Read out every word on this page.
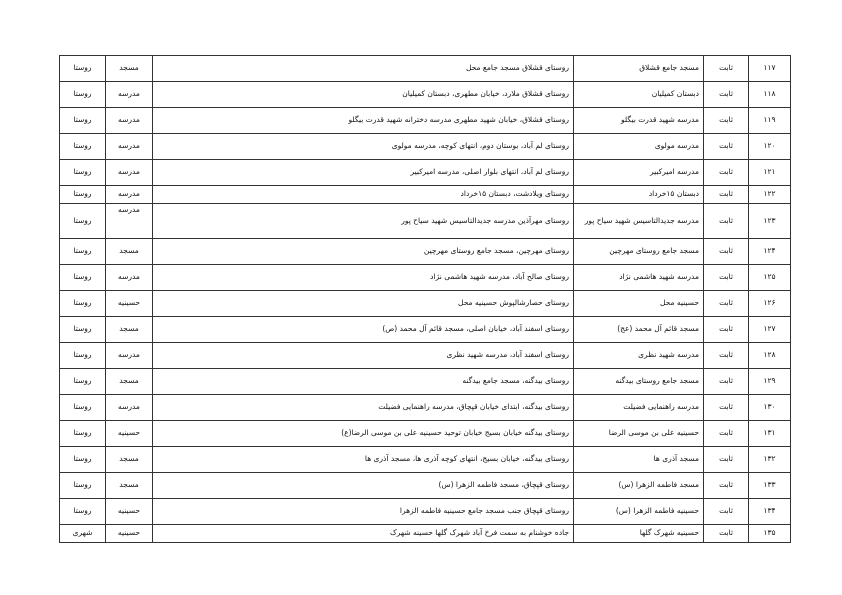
۱۱۷	ثابت	مسجد جامع قشلاق	روستای قشلاق مسجد جامع محل	مسجد	روستا
۱۱۸	ثابت	دبستان کمیلیان	روستای قشلاق ملارد، خیابان مطهری، دبستان کمیلیان	مدرسه	روستا
۱۱۹	ثابت	مدرسه شهید قدرت بیگلو	روستای قشلاق، خیابان شهید مطهری مدرسه دخترانه شهید قدرت بیگلو	مدرسه	روستا
۱۲۰	ثابت	مدرسه مولوی	روستای لم آباد، بوستان دوم، انتهای کوچه، مدرسه مولوی	مدرسه	روستا
۱۲۱	ثابت	مدرسه امیرکبیر	روستای لم آباد، انتهای بلوار اصلی، مدرسه امیرکبیر	مدرسه	روستا
۱۲۲	ثابت	دبستان ۱۵خرداد	روستای ویلادشت، دبستان ۱۵خرداد	مدرسه	روستا
۱۲۳	ثابت	مدرسه جدیدالتاسیس شهید سیاح پور	روستای مهرآذین مدرسه جدیدالتاسیس شهید سیاح پور	مدرسه	روستا
۱۲۴	ثابت	مسجد جامع روستای مهرچین	روستای مهرچین، مسجد جامع روستای مهرچین	مسجد	روستا
۱۲۵	ثابت	مدرسه شهید هاشمی نژاد	روستای صالح آباد، مدرسه شهید هاشمی نژاد	مدرسه	روستا
۱۲۶	ثابت	حسینیه محل	روستای حصارشالپوش حسینیه محل	حسینیه	روستا
۱۲۷	ثابت	مسجد قائم آل محمد (عج)	روستای اسفند آباد، خیابان اصلی، مسجد قائم آل محمد (ص)	مسجد	روستا
۱۲۸	ثابت	مدرسه شهید نظری	روستای اسفند آباد، مدرسه شهید نظری	مدرسه	روستا
۱۲۹	ثابت	مسجد جامع روستای بیدگنه	روستای بیدگنه، مسجد جامع بیدگنه	مسجد	روستا
۱۳۰	ثابت	مدرسه راهنمایی فضیلت	روستای بیدگنه، ابتدای خیابان قپچاق، مدرسه راهنمایی فضیلت	مدرسه	روستا
۱۳۱	ثابت	حسینیه علی بن موسی الرضا	روستای بیدگنه خیابان بسیج خیابان توحید حسینیه علی بن موسی الرضا(ع)	حسینیه	روستا
۱۳۲	ثابت	مسجد آذری ها	روستای بیدگنه، خیابان بسیج، انتهای کوچه آذری ها، مسجد آذری ها	مسجد	روستا
۱۳۳	ثابت	مسجد فاطمه الزهرا (س)	روستای قپچاق، مسجد فاطمه الزهرا (س)	مسجد	روستا
۱۳۴	ثابت	حسینیه فاطمه الزهرا (س)	روستای قپچاق جنب مسجد جامع حسینیه فاطمه الزهرا	حسینیه	روستا
۱۳۵	ثابت	حسینیه شهرک گلها	جاده خوشنام به سمت فرخ آباد شهرک گلها حسینه شهرک	حسینیه	شهری
